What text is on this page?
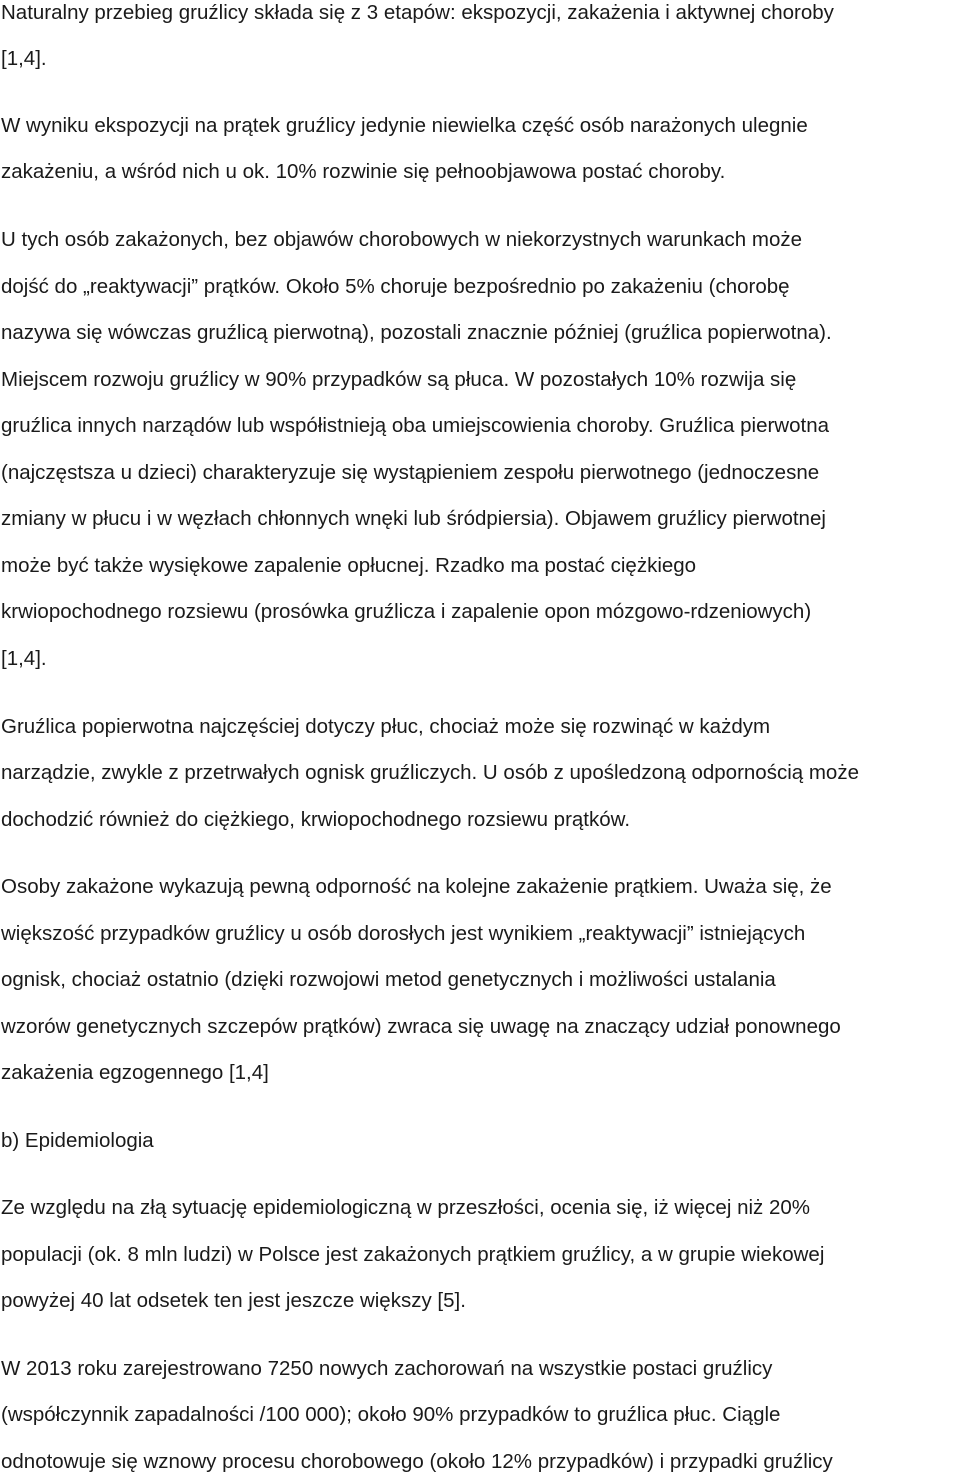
Naturalny przebieg gruźlicy składa się z 3 etapów: ekspozycji, zakażenia i aktywnej choroby
[1,4].
W wyniku ekspozycji na prątek gruźlicy jedynie niewielka część osób narażonych ulegnie
zakażeniu, a wśród nich u ok. 10% rozwinie się pełnoobjawowa postać choroby.
U tych osób zakażonych, bez objawów chorobowych w niekorzystnych warunkach może
dojść do „reaktywacji” prątków. Około 5% choruje bezpośrednio po zakażeniu (chorobę
nazywa się wówczas gruźlicą pierwotną), pozostali znacznie później (gruźlica popierwotna).
Miejscem rozwoju gruźlicy w 90% przypadków są płuca. W pozostałych 10% rozwija się
gruźlica innych narządów lub współistnieją oba umiejscowienia choroby. Gruźlica pierwotna
(najczęstsza u dzieci) charakteryzuje się wystąpieniem zespołu pierwotnego (jednoczesne
zmiany w płucu i w węzłach chłonnych wnęki lub śródpiersia). Objawem gruźlicy pierwotnej
może być także wysiękowe zapalenie opłucnej. Rzadko ma postać ciężkiego
krwiopochodnego rozsiewu (prosówka gruźlicza i zapalenie opon mózgowo-rdzeniowych)
[1,4].
Gruźlica popierwotna najczęściej dotyczy płuc, chociaż może się rozwinąć w każdym
narządzie, zwykle z przetrwałych ognisk gruźliczych. U osób z upośledzoną odpornością może
dochodzić również do ciężkiego, krwiopochodnego rozsiewu prątków.
Osoby zakażone wykazują pewną odporność na kolejne zakażenie prątkiem. Uważa się, że
większość przypadków gruźlicy u osób dorosłych jest wynikiem „reaktywacji” istniejących
ognisk, chociaż ostatnio (dzięki rozwojowi metod genetycznych i możliwości ustalania
wzorów genetycznych szczepów prątków) zwraca się uwagę na znaczący udział ponownego
zakażenia egzogennego [1,4]
b) Epidemiologia
Ze względu na złą sytuację epidemiologiczną w przeszłości, ocenia się, iż więcej niż 20%
populacji (ok. 8 mln ludzi) w Polsce jest zakażonych prątkiem gruźlicy, a w grupie wiekowej
powyżej 40 lat odsetek ten jest jeszcze większy [5].
W 2013 roku zarejestrowano 7250 nowych zachorowań na wszystkie postaci gruźlicy
(współczynnik zapadalności /100 000); około 90% przypadków to gruźlica płuc. Ciągle
odnotowuje się wznowy procesu chorobowego (około 12% przypadków) i przypadki gruźlicy
